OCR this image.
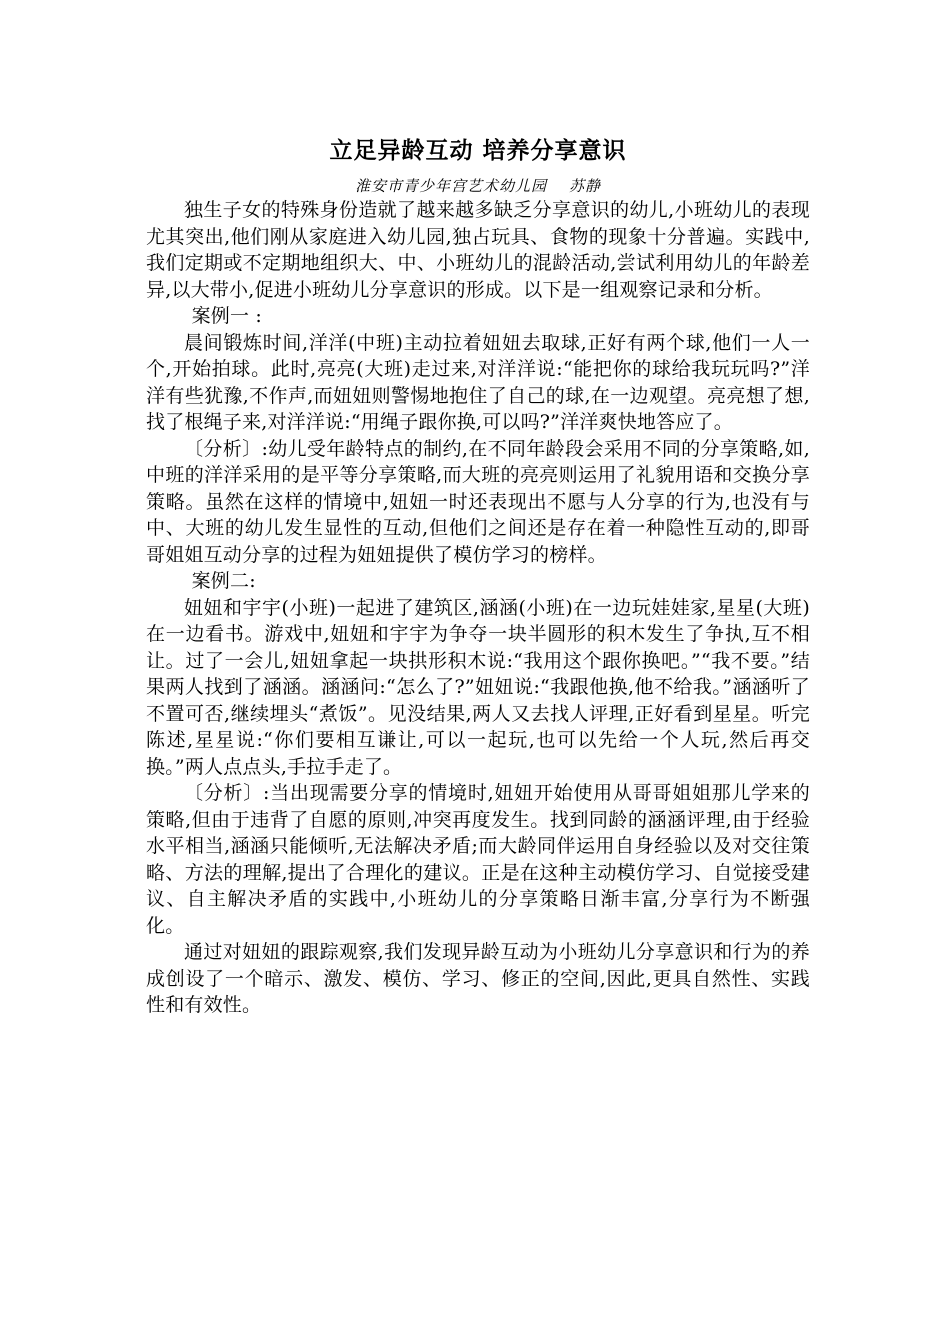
立足异龄互动 培养分享意识
淮安市青少年宫艺术幼儿园 苏静

独生子女的特殊身份造就了越来越多缺乏分享意识的幼儿,小班幼儿的表现尤其突出,他们刚从家庭进入幼儿园,独占玩具、食物的现象十分普遍。实践中,我们定期或不定期地组织大、中、小班幼儿的混龄活动,尝试利用幼儿的年龄差异,以大带小,促进小班幼儿分享意识的形成。以下是一组观察记录和分析。

案例一 :

晨间锻炼时间,洋洋(中班)主动拉着妞妞去取球,正好有两个球,他们一人一个,开始拍球。此时,亮亮(大班)走过来,对洋洋说:“能把你的球给我玩玩吗?”洋洋有些犹豫,不作声,而妞妞则警惕地抱住了自己的球,在一边观望。亮亮想了想,找了根绳子来,对洋洋说:“用绳子跟你换,可以吗?”洋洋爽快地答应了。

〔分析〕:幼儿受年龄特点的制约,在不同年龄段会采用不同的分享策略,如,中班的洋洋采用的是平等分享策略,而大班的亮亮则运用了礼貌用语和交换分享策略。虽然在这样的情境中,妞妞一时还表现出不愿与人分享的行为,也没有与中、大班的幼儿发生显性的互动,但他们之间还是存在着一种隐性互动的,即哥哥姐姐互动分享的过程为妞妞提供了模仿学习的榜样。

案例二:

妞妞和宇宇(小班)一起进了建筑区,涵涵(小班)在一边玩娃娃家,星星(大班)在一边看书。游戏中,妞妞和宇宇为争夺一块半圆形的积木发生了争执,互不相让。过了一会儿,妞妞拿起一块拱形积木说:“我用这个跟你换吧。”“我不要。”结果两人找到了涵涵。涵涵问:“怎么了?”妞妞说:“我跟他换,他不给我。”涵涵听了不置可否,继续埋头“煮饭”。见没结果,两人又去找人评理,正好看到星星。听完陈述,星星说:“你们要相互谦让,可以一起玩,也可以先给一个人玩,然后再交换。”两人点点头,手拉手走了。

〔分析〕:当出现需要分享的情境时,妞妞开始使用从哥哥姐姐那儿学来的策略,但由于违背了自愿的原则,冲突再度发生。找到同龄的涵涵评理,由于经验水平相当,涵涵只能倾听,无法解决矛盾;而大龄同伴运用自身经验以及对交往策略、方法的理解,提出了合理化的建议。正是在这种主动模仿学习、自觉接受建议、自主解决矛盾的实践中,小班幼儿的分享策略日渐丰富,分享行为不断强化。

通过对妞妞的跟踪观察,我们发现异龄互动为小班幼儿分享意识和行为的养成创设了一个暗示、激发、模仿、学习、修正的空间,因此,更具自然性、实践性和有效性。
